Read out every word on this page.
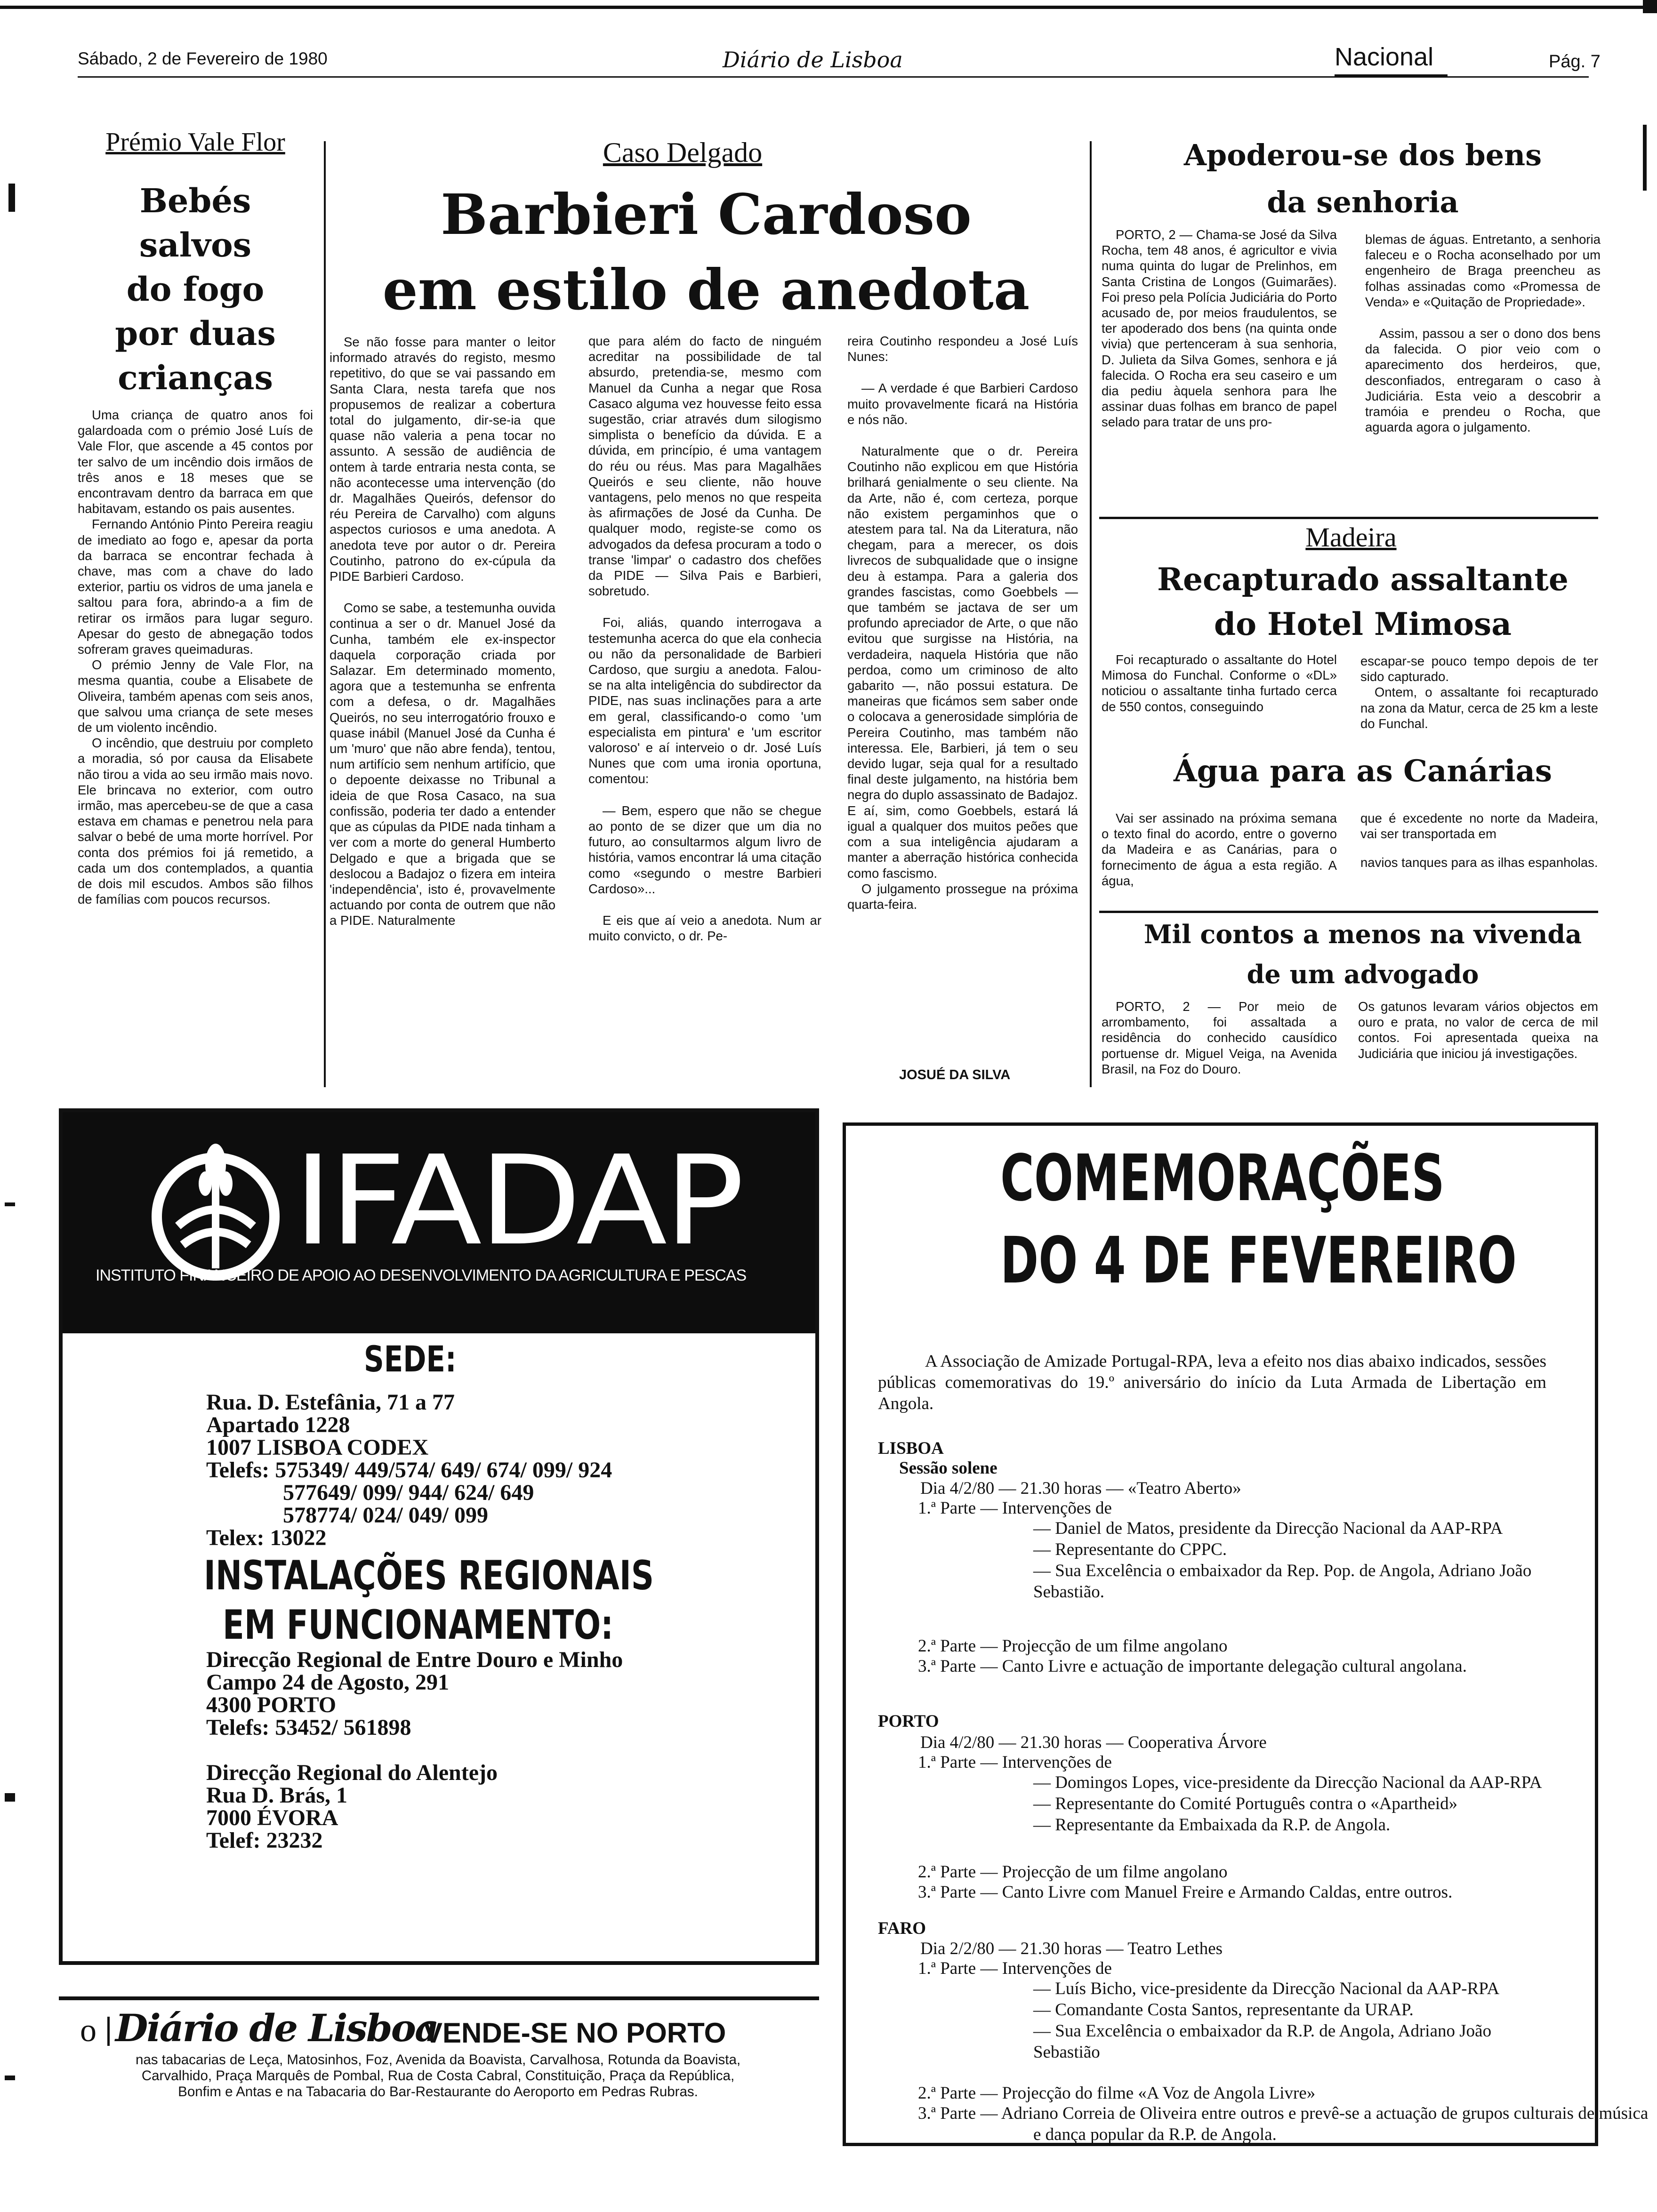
Sábado, 2 de Fevereiro de 1980	Diário de Lisboa	Nacional	Pág. 7
Prémio Vale Flor
Bebés
salvos
do fogo
por duas
crianças

Uma criança de quatro anos foi galardoada com o prémio José Luís de Vale Flor, que ascende a 45 contos por ter salvo de um incêndio dois irmãos de três anos e 18 meses que se encontravam dentro da barraca em que habitavam, estando os pais ausentes.

Fernando António Pinto Pereira reagiu de imediato ao fogo e, apesar da porta da barraca se encontrar fechada à chave, mas com a chave do lado exterior, partiu os vidros de uma janela e saltou para fora, abrindo-a a fim de retirar os irmãos para lugar seguro. Apesar do gesto de abnegação todos sofreram graves queimaduras.

O prémio Jenny de Vale Flor, na mesma quantia, coube a Elisabete de Oliveira, também apenas com seis anos, que salvou uma criança de sete meses de um violento incêndio.

O incêndio, que destruiu por completo a moradia, só por causa da Elisabete não tirou a vida ao seu irmão mais novo. Ele brincava no exterior, com outro irmão, mas apercebeu-se de que a casa estava em chamas e penetrou nela para salvar o bebé de uma morte horrível. Por conta dos prémios foi já remetido, a cada um dos contemplados, a quantia de dois mil escudos. Ambos são filhos de famílias com poucos recursos.

Caso Delgado
Barbieri Cardoso
em estilo de anedota

Se não fosse para manter o leitor informado através do registo, mesmo repetitivo, do que se vai passando em Santa Clara, nesta tarefa que nos propusemos de realizar a cobertura total do julgamento, dir-se-ia que quase não valeria a pena tocar no assunto. A sessão de audiência de ontem à tarde entraria nesta conta, se não acontecesse uma intervenção (do dr. Magalhães Queirós, defensor do réu Pereira de Carvalho) com alguns aspectos curiosos e uma anedota. A anedota teve por autor o dr. Pereira Coutinho, patrono do ex-cúpula da PIDE Barbieri Cardoso.

Como se sabe, a testemunha ouvida continua a ser o dr. Manuel José da Cunha, também ele ex-inspector daquela corporação criada por Salazar. Em determinado momento, agora que a testemunha se enfrenta com a defesa, o dr. Magalhães Queirós, no seu interrogatório frouxo e quase inábil (Manuel José da Cunha é um 'muro' que não abre fenda), tentou, num artifício sem nenhum artifício, que o depoente deixasse no Tribunal a ideia de que Rosa Casaco, na sua confissão, poderia ter dado a entender que as cúpulas da PIDE nada tinham a ver com a morte do general Humberto Delgado e que a brigada que se deslocou a Badajoz o fizera em inteira 'independência', isto é, provavelmente actuando por conta de outrem que não a PIDE. Naturalmente

que para além do facto de ninguém acreditar na possibilidade de tal absurdo, pretendia-se, mesmo com Manuel da Cunha a negar que Rosa Casaco alguma vez houvesse feito essa sugestão, criar através dum silogismo simplista o benefício da dúvida. E a dúvida, em princípio, é uma vantagem do réu ou réus. Mas para Magalhães Queirós e seu cliente, não houve vantagens, pelo menos no que respeita às afirmações de José da Cunha. De qualquer modo, registe-se como os advogados da defesa procuram a todo o transe 'limpar' o cadastro dos chefões da PIDE — Silva Pais e Barbieri, sobretudo.

Foi, aliás, quando interrogava a testemunha acerca do que ela conhecia ou não da personalidade de Barbieri Cardoso, que surgiu a anedota. Falou-se na alta inteligência do subdirector da PIDE, nas suas inclinações para a arte em geral, classificando-o como 'um especialista em pintura' e 'um escritor valoroso' e aí interveio o dr. José Luís Nunes que com uma ironia oportuna, comentou:

— Bem, espero que não se chegue ao ponto de se dizer que um dia no futuro, ao consultarmos algum livro de história, vamos encontrar lá uma citação como «segundo o mestre Barbieri Cardoso»...

E eis que aí veio a anedota. Num ar muito convicto, o dr. Pe-

reira Coutinho respondeu a José Luís Nunes:

— A verdade é que Barbieri Cardoso muito provavelmente ficará na História e nós não.

Naturalmente que o dr. Pereira Coutinho não explicou em que História brilhará genialmente o seu cliente. Na da Arte, não é, com certeza, porque não existem pergaminhos que o atestem para tal. Na da Literatura, não chegam, para a merecer, os dois livrecos de subqualidade que o insigne deu à estampa. Para a galeria dos grandes fascistas, como Goebbels — que também se jactava de ser um profundo apreciador de Arte, o que não evitou que surgisse na História, na verdadeira, naquela História que não perdoa, como um criminoso de alto gabarito —, não possui estatura. De maneiras que ficámos sem saber onde o colocava a generosidade simplória de Pereira Coutinho, mas também não interessa. Ele, Barbieri, já tem o seu devido lugar, seja qual for a resultado final deste julgamento, na história bem negra do duplo assassinato de Badajoz. E aí, sim, como Goebbels, estará lá igual a qualquer dos muitos peões que com a sua inteligência ajudaram a manter a aberração histórica conhecida como fascismo.

O julgamento prossegue na próxima quarta-feira.

JOSUÉ DA SILVA
Apoderou-se dos bens
da senhoria

PORTO, 2 — Chama-se José da Silva Rocha, tem 48 anos, é agricultor e vivia numa quinta do lugar de Prelinhos, em Santa Cristina de Longos (Guimarães). Foi preso pela Polícia Judiciária do Porto acusado de, por meios fraudulentos, se ter apoderado dos bens (na quinta onde vivia) que pertenceram à sua senhoria, D. Julieta da Silva Gomes, senhora e já falecida. O Rocha era seu caseiro e um dia pediu àquela senhora para lhe assinar duas folhas em branco de papel selado para tratar de uns pro-

blemas de águas. Entretanto, a senhoria faleceu e o Rocha aconselhado por um engenheiro de Braga preencheu as folhas assinadas como «Promessa de Venda» e «Quitação de Propriedade».

Assim, passou a ser o dono dos bens da falecida. O pior veio com o aparecimento dos herdeiros, que, desconfiados, entregaram o caso à Judiciária. Esta veio a descobrir a tramóia e prendeu o Rocha, que aguarda agora o julgamento.

Madeira
Recapturado assaltante
do Hotel Mimosa

Foi recapturado o assaltante do Hotel Mimosa do Funchal. Conforme o «DL» noticiou o assaltante tinha furtado cerca de 550 contos, conseguindo

escapar-se pouco tempo depois de ter sido capturado.

Ontem, o assaltante foi recapturado na zona da Matur, cerca de 25 km a leste do Funchal.

Água para as Canárias

Vai ser assinado na próxima semana o texto final do acordo, entre o governo da Madeira e as Canárias, para o fornecimento de água a esta região. A água,

que é excedente no norte da Madeira, vai ser transportada em

navios tanques para as ilhas espanholas.

Mil contos a menos na vivenda
de um advogado

PORTO, 2 — Por meio de arrombamento, foi assaltada a residência do conhecido causídico portuense dr. Miguel Veiga, na Avenida Brasil, na Foz do Douro.

Os gatunos levaram vários objectos em ouro e prata, no valor de cerca de mil contos. Foi apresentada queixa na Judiciária que iniciou já investigações.

IFADAP
INSTITUTO FINANCEIRO DE APOIO AO DESENVOLVIMENTO DA AGRICULTURA E PESCAS
SEDE:
Rua. D. Estefânia, 71 a 77
Apartado 1228
1007 LISBOA CODEX
Telefs: 575349/ 449/574/ 649/ 674/ 099/ 924
577649/ 099/ 944/ 624/ 649
578774/ 024/ 049/ 099
Telex: 13022
INSTALAÇÕES REGIONAIS
EM FUNCIONAMENTO:
Direcção Regional de Entre Douro e Minho
Campo 24 de Agosto, 291
4300 PORTO
Telefs: 53452/ 561898
Direcção Regional do Alentejo
Rua D. Brás, 1
7000 ÉVORA
Telef: 23232
o Diário de Lisboa
VENDE-SE NO PORTO
nas tabacarias de Leça, Matosinhos, Foz, Avenida da Boavista, Carvalhosa, Rotunda da Boavista,
Carvalhido, Praça Marquês de Pombal, Rua de Costa Cabral, Constituição, Praça da República,
Bonfim e Antas e na Tabacaria do Bar-Restaurante do Aeroporto em Pedras Rubras.
COMEMORAÇÕES
DO 4 DE FEVEREIRO
A Associação de Amizade Portugal-RPA, leva a efeito nos dias abaixo indicados, sessões públicas comemorativas do 19.º aniversário do início da Luta Armada de Libertação em Angola.
LISBOA
Sessão solene
Dia 4/2/80 — 21.30 horas — «Teatro Aberto»
1.ª Parte — Intervenções de
— Daniel de Matos, presidente da Direcção Nacional da AAP-RPA
— Representante do CPPC.
— Sua Excelência o embaixador da Rep. Pop. de Angola, Adriano João Sebastião.
2.ª Parte — Projecção de um filme angolano
3.ª Parte — Canto Livre e actuação de importante delegação cultural angolana.
PORTO
Dia 4/2/80 — 21.30 horas — Cooperativa Árvore
1.ª Parte — Intervenções de
— Domingos Lopes, vice-presidente da Direcção Nacional da AAP-RPA
— Representante do Comité Português contra o «Apartheid»
— Representante da Embaixada da R.P. de Angola.
2.ª Parte — Projecção de um filme angolano
3.ª Parte — Canto Livre com Manuel Freire e Armando Caldas, entre outros.
FARO
Dia 2/2/80 — 21.30 horas — Teatro Lethes
1.ª Parte — Intervenções de
— Luís Bicho, vice-presidente da Direcção Nacional da AAP-RPA
— Comandante Costa Santos, representante da URAP.
— Sua Excelência o embaixador da R.P. de Angola, Adriano João Sebastião
2.ª Parte — Projecção do filme «A Voz de Angola Livre»
3.ª Parte — Adriano Correia de Oliveira entre outros e prevê-se a actuação de grupos culturais de música e dança popular da R.P. de Angola.
